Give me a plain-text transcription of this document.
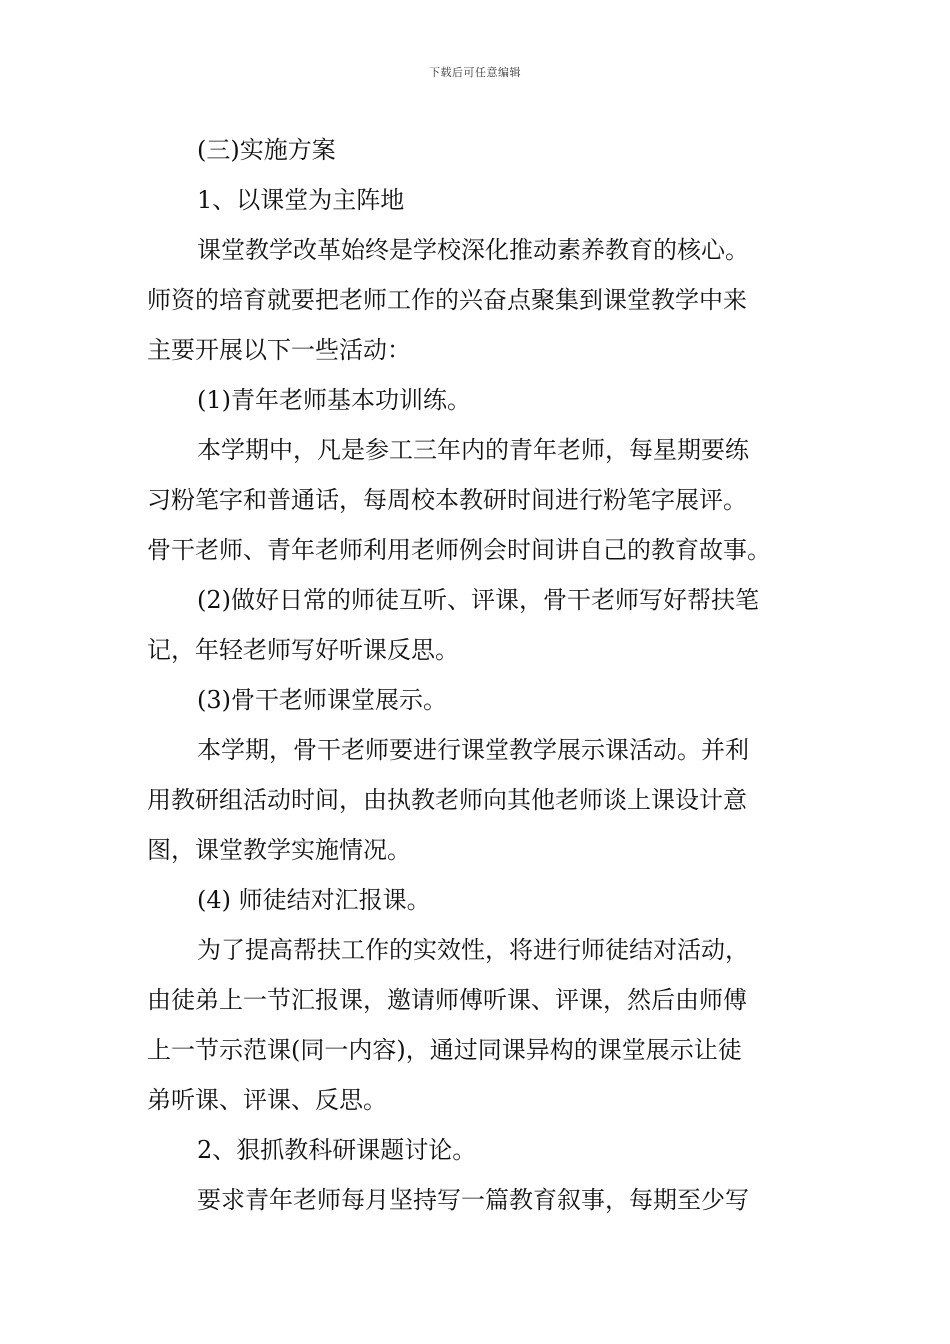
下载后可任意编辑
(三)实施方案
1、以课堂为主阵地
课堂教学改革始终是学校深化推动素养教育的核心。
师资的培育就要把老师工作的兴奋点聚集到课堂教学中来
主要开展以下一些活动：
(1)青年老师基本功训练。
本学期中，凡是参工三年内的青年老师，每星期要练
习粉笔字和普通话，每周校本教研时间进行粉笔字展评。
骨干老师、青年老师利用老师例会时间讲自己的教育故事。
(2)做好日常的师徒互听、评课，骨干老师写好帮扶笔
记，年轻老师写好听课反思。
(3)骨干老师课堂展示。
本学期，骨干老师要进行课堂教学展示课活动。并利
用教研组活动时间，由执教老师向其他老师谈上课设计意
图，课堂教学实施情况。
(4) 师徒结对汇报课。
为了提高帮扶工作的实效性，将进行师徒结对活动，
由徒弟上一节汇报课，邀请师傅听课、评课，然后由师傅
上一节示范课(同一内容)，通过同课异构的课堂展示让徒
弟听课、评课、反思。
2、狠抓教科研课题讨论。
要求青年老师每月坚持写一篇教育叙事，每期至少写
